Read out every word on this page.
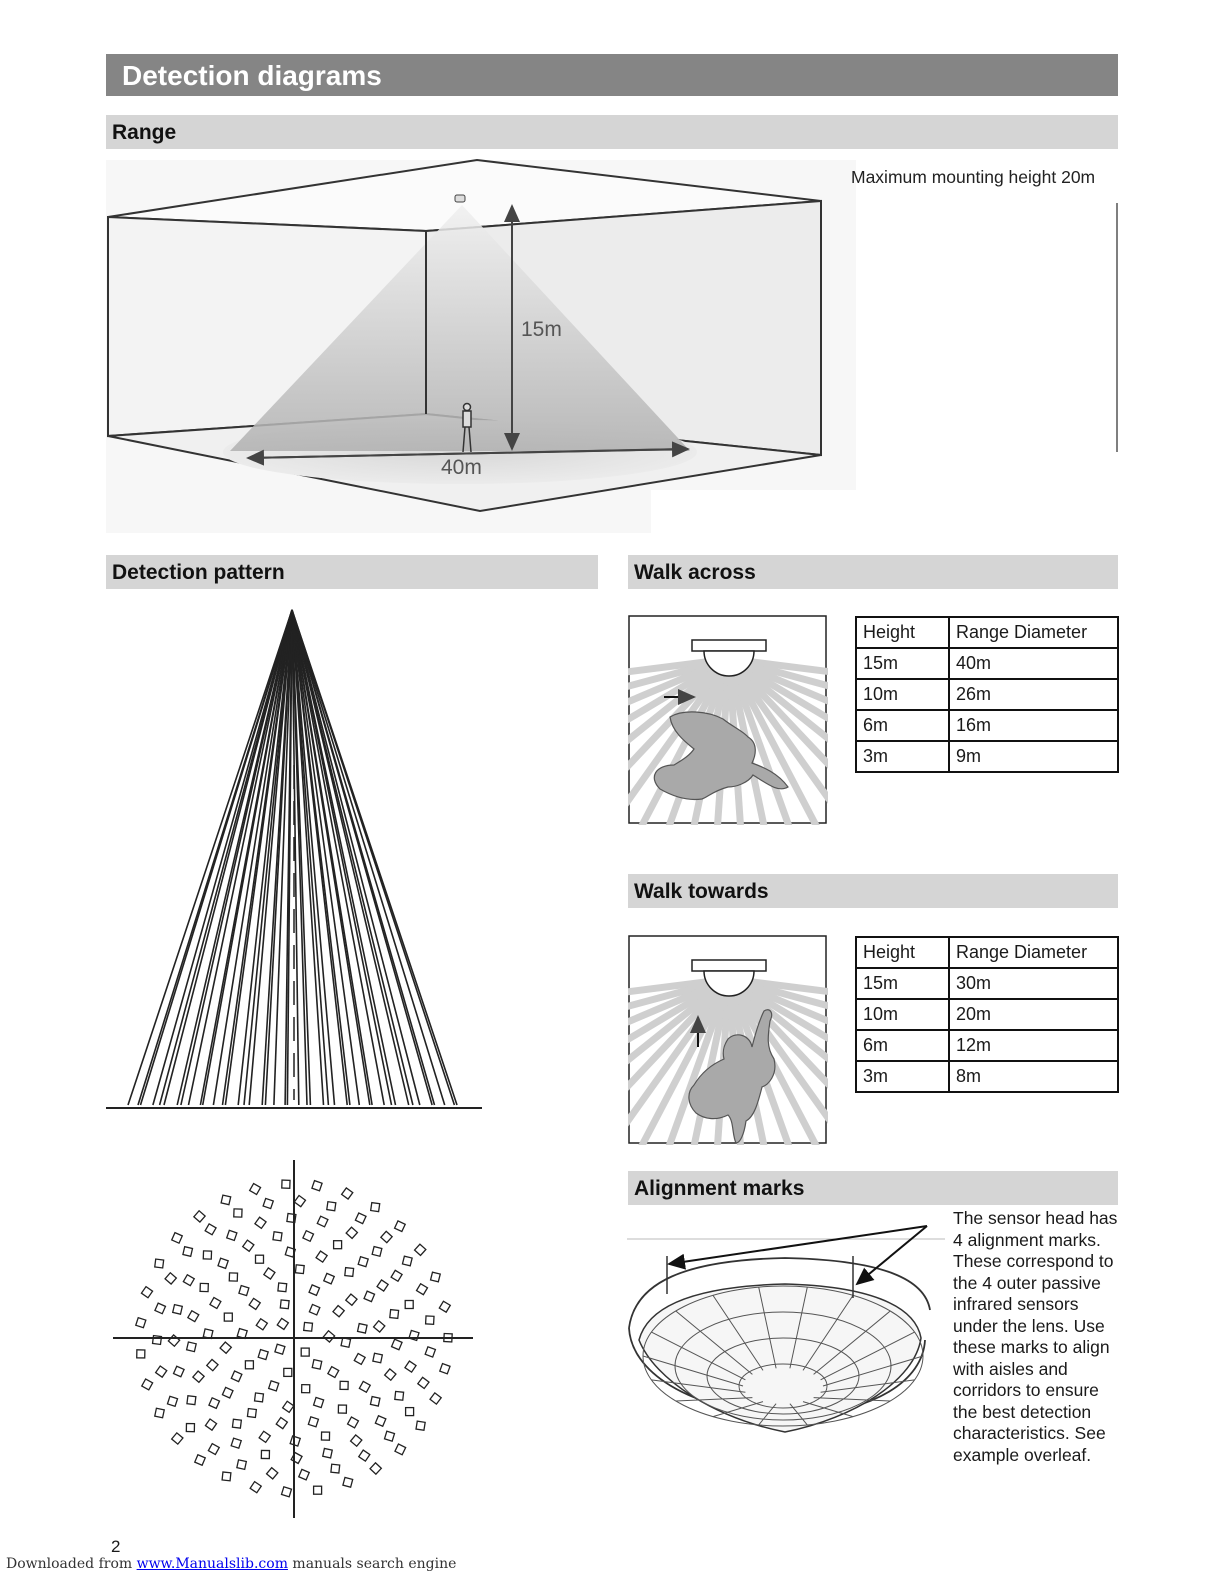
Detection diagrams
Range
Detection pattern	Walk across
Walk towards
Alignment marks
15m
40m
Maximum mounting height 20m
Height	Range Diameter
15m	40m
10m	26m
6m	16m
3m	9m
Height	Range Diameter
15m	30m
10m	20m
6m	12m
3m	8m
The sensor head has 4 alignment marks. These correspond to the 4 outer passive infrared sensors under the lens. Use these marks to align with aisles and corridors to ensure the best detection characteristics. See example overleaf.
2
Downloaded from www.Manualslib.com manuals search engine
